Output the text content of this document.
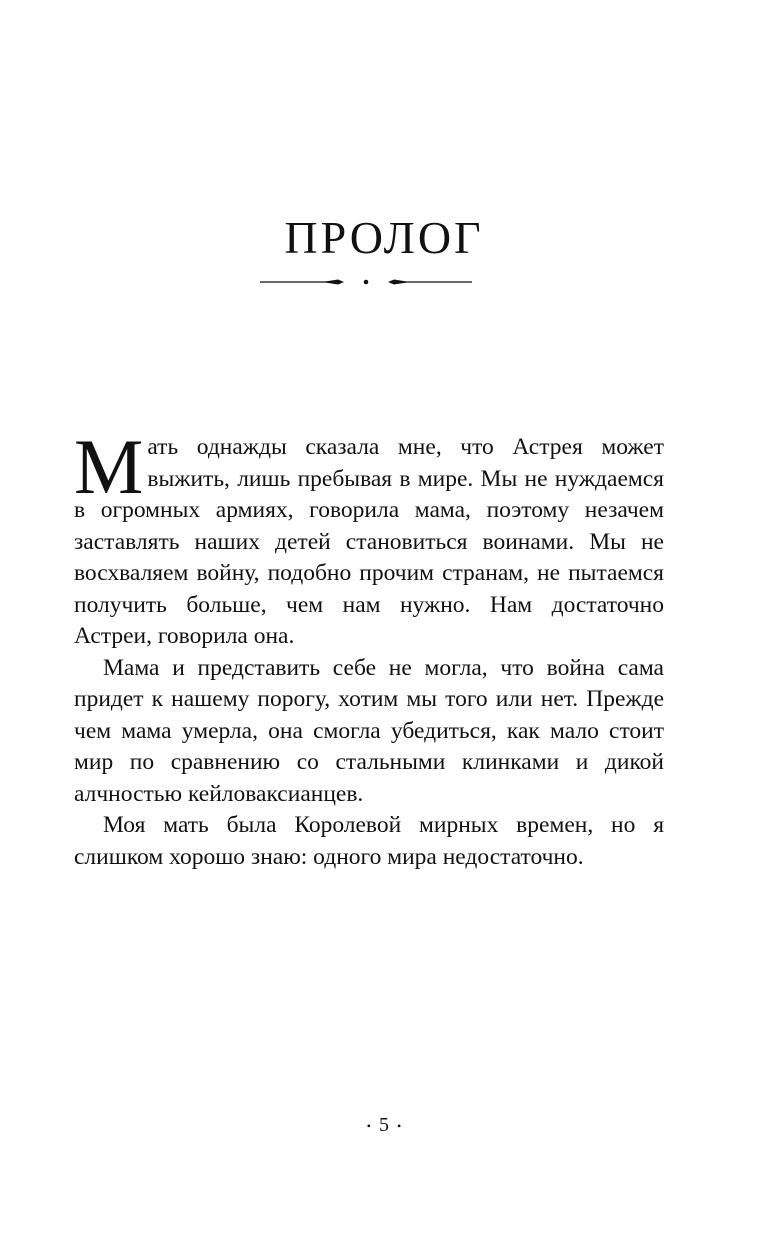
ПРОЛОГ

Мать однажды сказала мне, что Астрея может выжить, лишь пребывая в мире. Мы не нуждаемся в огромных армиях, говорила мама, поэтому незачем заставлять наших детей становиться воинами. Мы не восхваляем войну, подобно прочим странам, не пытаемся получить больше, чем нам нужно. Нам достаточно Астреи, говорила она.

Мама и представить себе не могла, что война сама придет к нашему порогу, хотим мы того или нет. Прежде чем мама умерла, она смогла убедиться, как мало стоит мир по сравнению со стальными клинками и дикой алчностью кейловаксианцев.

Моя мать была Королевой мирных времен, но я слишком хорошо знаю: одного мира недостаточно.

• 5 •
